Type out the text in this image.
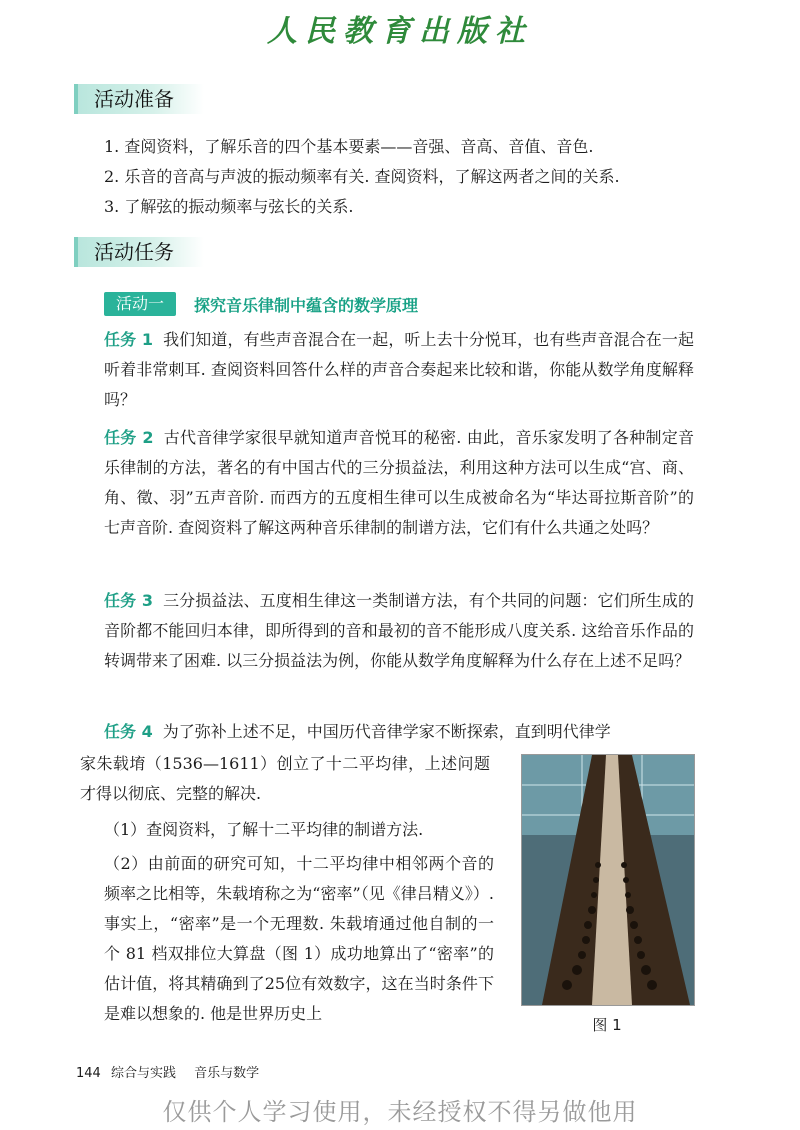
人民教育出版社
活动准备
1. 查阅资料，了解乐音的四个基本要素——音强、音高、音值、音色.
2. 乐音的音高与声波的振动频率有关. 查阅资料，了解这两者之间的关系.
3. 了解弦的振动频率与弦长的关系.
活动任务
活动一	探究音乐律制中蕴含的数学原理
任务 1 我们知道，有些声音混合在一起，听上去十分悦耳，也有些声音混合在一起听着非常刺耳. 查阅资料回答什么样的声音合奏起来比较和谐，你能从数学角度解释吗？
任务 2 古代音律学家很早就知道声音悦耳的秘密. 由此，音乐家发明了各种制定音乐律制的方法，著名的有中国古代的三分损益法，利用这种方法可以生成“宫、商、角、徵、羽”五声音阶. 而西方的五度相生律可以生成被命名为“毕达哥拉斯音阶”的七声音阶. 查阅资料了解这两种音乐律制的制谱方法，它们有什么共通之处吗？
任务 3 三分损益法、五度相生律这一类制谱方法，有个共同的问题：它们所生成的音阶都不能回归本律，即所得到的音和最初的音不能形成八度关系. 这给音乐作品的转调带来了困难. 以三分损益法为例，你能从数学角度解释为什么存在上述不足吗？
任务 4 为了弥补上述不足，中国历代音律学家不断探索，直到明代律学
家朱载堉（1536—1611）创立了十二平均律，上述问题才得以彻底、完整的解决.
（1）查阅资料，了解十二平均律的制谱方法.
（2）由前面的研究可知，十二平均律中相邻两个音的频率之比相等，朱载堉称之为“密率”（见《律吕精义》）. 事实上，“密率”是一个无理数. 朱载堉通过他自制的一个 81 档双排位大算盘（图 1）成功地算出了“密率”的估计值，将其精确到了25位有效数字，这在当时条件下是难以想象的. 他是世界历史上
图 1
144 综合与实践 音乐与数学
仅供个人学习使用，未经授权不得另做他用
